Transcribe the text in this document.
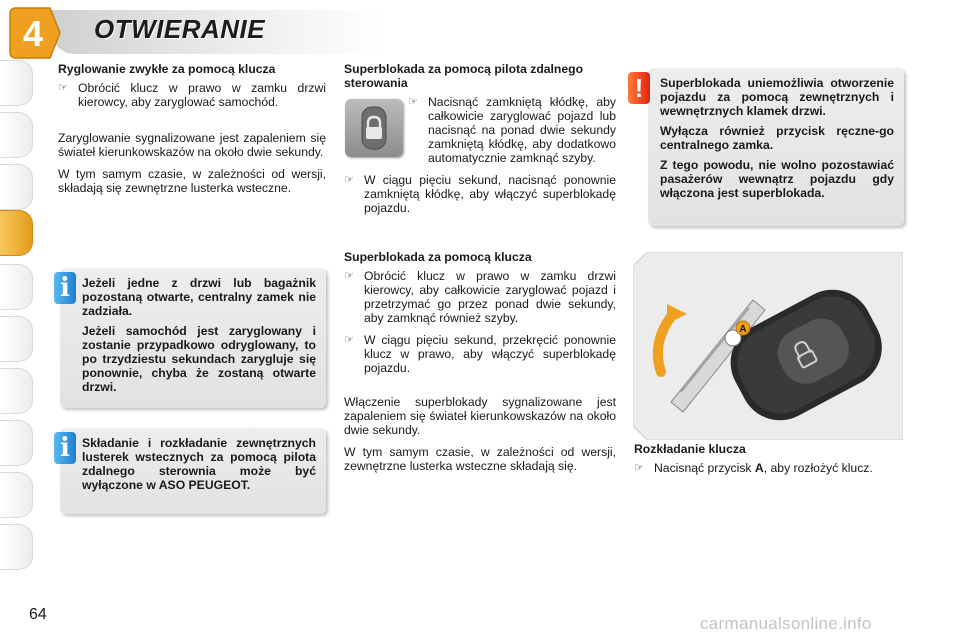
4 OTWIERANIE
Ryglowanie zwykłe za pomocą klucza
☞ Obrócić klucz w prawo w zamku drzwi kierowcy, aby zaryglować samochód.

Zaryglowanie sygnalizowane jest zapaleniem się świateł kierunkowskazów na około dwie sekundy.

W tym samym czasie, w zależności od wersji, składają się zewnętrzne lusterka wsteczne.

Jeżeli jedne z drzwi lub bagażnik pozostaną otwarte, centralny zamek nie zadziała.

Jeżeli samochód jest zaryglowany i zostanie przypadkowo odryglowany, to po trzydziestu sekundach zarygluje się ponownie, chyba że zostaną otwarte drzwi.

i

Składanie i rozkładanie zewnętrznych lusterek wstecznych za pomocą pilota zdalnego sterownia może być wyłączone w ASO PEUGEOT.

i
Superblokada za pomocą pilota zdalnego sterowania
☞ Nacisnąć zamkniętą kłódkę, aby całkowicie zaryglować pojazd lub nacisnąć na ponad dwie sekundy zamkniętą kłódkę, aby dodatkowo automatycznie zamknąć szyby.
☞ W ciągu pięciu sekund, nacisnąć ponownie zamkniętą kłódkę, aby włączyć superblokadę pojazdu.
Superblokada za pomocą klucza
☞ Obrócić klucz w prawo w zamku drzwi kierowcy, aby całkowicie zaryglować pojazd i przetrzymać go przez ponad dwie sekundy, aby zamknąć również szyby.
☞ W ciągu pięciu sekund, przekręcić ponownie klucz w prawo, aby włączyć superblokadę pojazdu.

Włączenie superblokady sygnalizowane jest zapaleniem się świateł kierunkowskazów na około dwie sekundy.

W tym samym czasie, w zależności od wersji, zewnętrzne lusterka wsteczne składają się.

Superblokada uniemożliwia otworzenie pojazdu za pomocą zewnętrznych i wewnętrznych klamek drzwi.

Wyłącza również przycisk ręczne-go centralnego zamka.

Z tego powodu, nie wolno pozostawiać pasażerów wewnątrz pojazdu gdy włączona jest superblokada.

!
A
Rozkładanie klucza
☞ Nacisnąć przycisk A, aby rozłożyć klucz.
64	carmanualsonline.info
